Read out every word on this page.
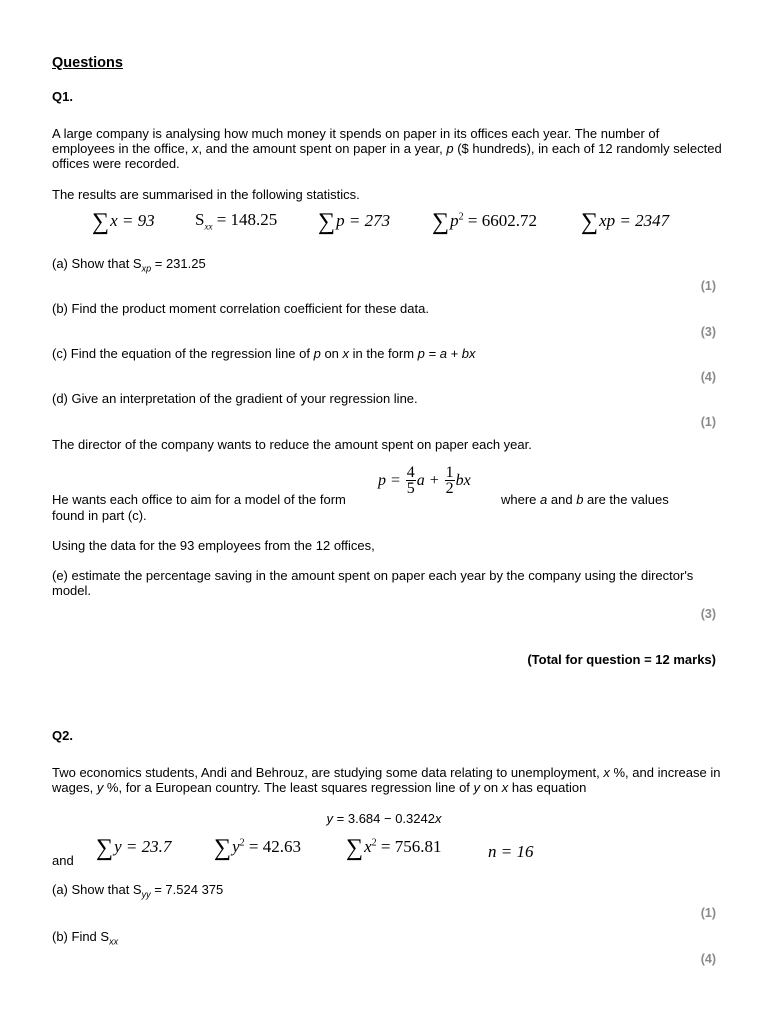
Questions
Q1.
A large company is analysing how much money it spends on paper in its offices each year. The number of employees in the office, x, and the amount spent on paper in a year, p ($ hundreds), in each of 12 randomly selected offices were recorded.
The results are summarised in the following statistics.
∑x = 93 $S_{xx} = 148.25$ ∑p = 273 $\sum p^2 = 6602.72$ ∑xp = 2347
(a) Show that $S_{xp} = 231.25$
(1)
(b) Find the product moment correlation coefficient for these data.
(3)
(c) Find the equation of the regression line of p on x in the form p = a + bx
(4)
(d) Give an interpretation of the gradient of your regression line.
(1)
The director of the company wants to reduce the amount spent on paper each year.
He wants each office to aim for a model of the form
$p = \frac{4}{5}$ $a + \frac{1}{2}$ bx
where a and b are the values
found in part (c).
Using the data for the 93 employees from the 12 offices,
(e) estimate the percentage saving in the amount spent on paper each year by the company using the director's model.
(3)
(Total for question = 12 marks)
Q2.
Two economics students, Andi and Behrouz, are studying some data relating to unemployment, x %, and increase in wages, y %, for a European country. The least squares regression line of y on x has equation
y = 3.684 − 0.3242x
and ∑y = 23.7 $\sum y^2 = 42.63$ $\sum x^2 = 756.81$	n = 16
(a) Show that $S_{yy} = 7.524$ 375
(1)
(b) Find $S_{xx}$
(4)
